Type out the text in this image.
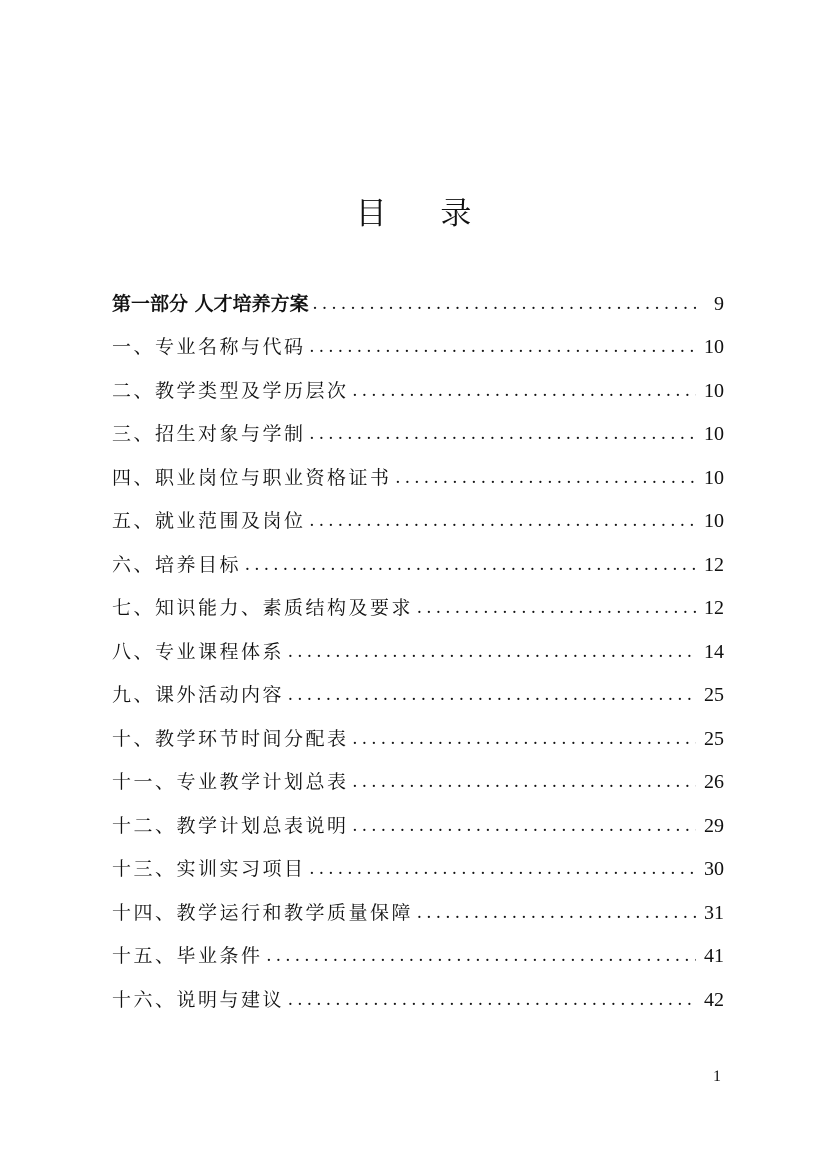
目 录
第一部分 人才培养方案 . . .	9
一、专业名称与代码 . . .	10
二、教学类型及学历层次 . . .	10
三、招生对象与学制 . . .	10
四、职业岗位与职业资格证书 . . .	10
五、就业范围及岗位 . . .	10
六、培养目标 . . .	12
七、知识能力、素质结构及要求 . . .	12
八、专业课程体系 . . .	14
九、课外活动内容 . . .	25
十、教学环节时间分配表 . . .	25
十一、专业教学计划总表 . . .	26
十二、教学计划总表说明 . . .	29
十三、实训实习项目 . . .	30
十四、教学运行和教学质量保障 . . .	31
十五、毕业条件 . . .	41
十六、说明与建议 . . .	42
1
